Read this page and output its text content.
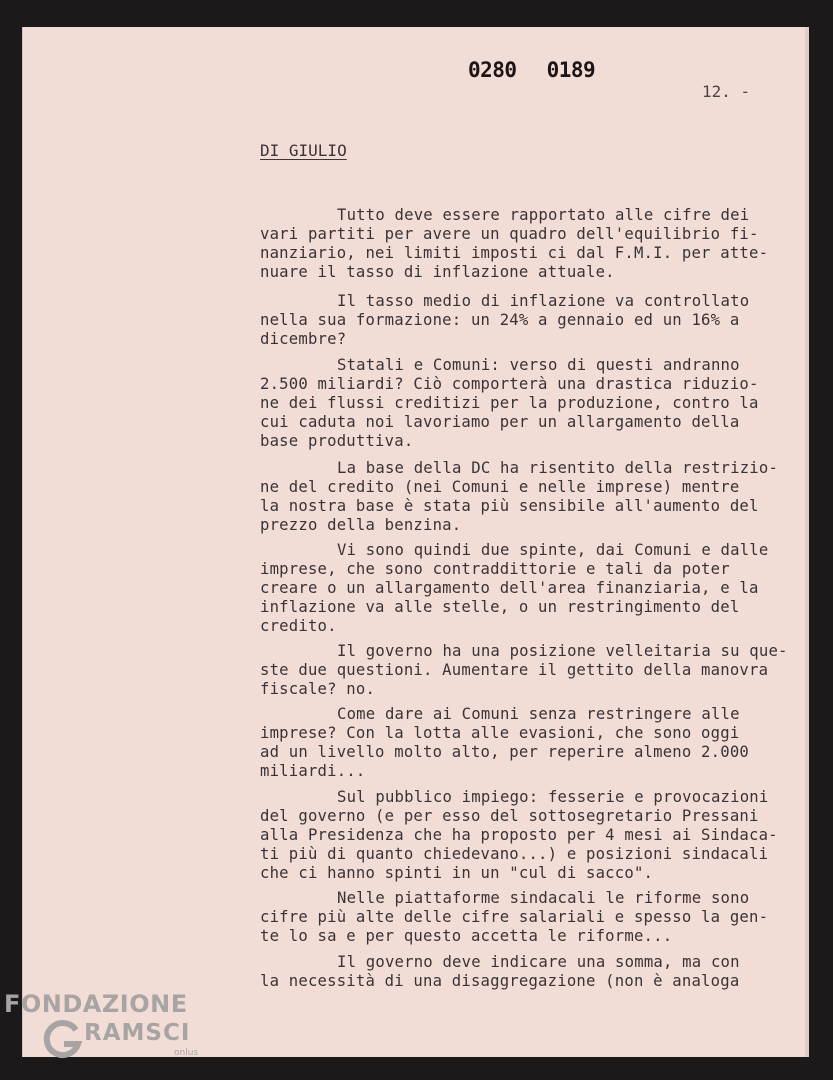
0280 0189
12. -
DI GIULIO
Tutto deve essere rapportato alle cifre dei
vari partiti per avere un quadro dell'equilibrio fi-
nanziario, nei limiti imposti ci dal F.M.I. per atte-
nuare il tasso di inflazione attuale.
Il tasso medio di inflazione va controllato
nella sua formazione: un 24% a gennaio ed un 16% a
dicembre?
Statali e Comuni: verso di questi andranno
2.500 miliardi? Ciò comporterà una drastica riduzio-
ne dei flussi creditizi per la produzione, contro la
cui caduta noi lavoriamo per un allargamento della
base produttiva.
La base della DC ha risentito della restrizio-
ne del credito (nei Comuni e nelle imprese) mentre
la nostra base è stata più sensibile all'aumento del
prezzo della benzina.
Vi sono quindi due spinte, dai Comuni e dalle
imprese, che sono contraddittorie e tali da poter
creare o un allargamento dell'area finanziaria, e la
inflazione va alle stelle, o un restringimento del
credito.
Il governo ha una posizione velleitaria su que-
ste due questioni. Aumentare il gettito della manovra
fiscale? no.
Come dare ai Comuni senza restringere alle
imprese? Con la lotta alle evasioni, che sono oggi
ad un livello molto alto, per reperire almeno 2.000
miliardi...
Sul pubblico impiego: fesserie e provocazioni
del governo (e per esso del sottosegretario Pressani
alla Presidenza che ha proposto per 4 mesi ai Sindaca-
ti più di quanto chiedevano...) e posizioni sindacali
che ci hanno spinti in un "cul di sacco".
Nelle piattaforme sindacali le riforme sono
cifre più alte delle cifre salariali e spesso la gen-
te lo sa e per questo accetta le riforme...
Il governo deve indicare una somma, ma con
la necessità di una disaggregazione (non è analoga
FONDAZIONE
RAMSCI
onlus
